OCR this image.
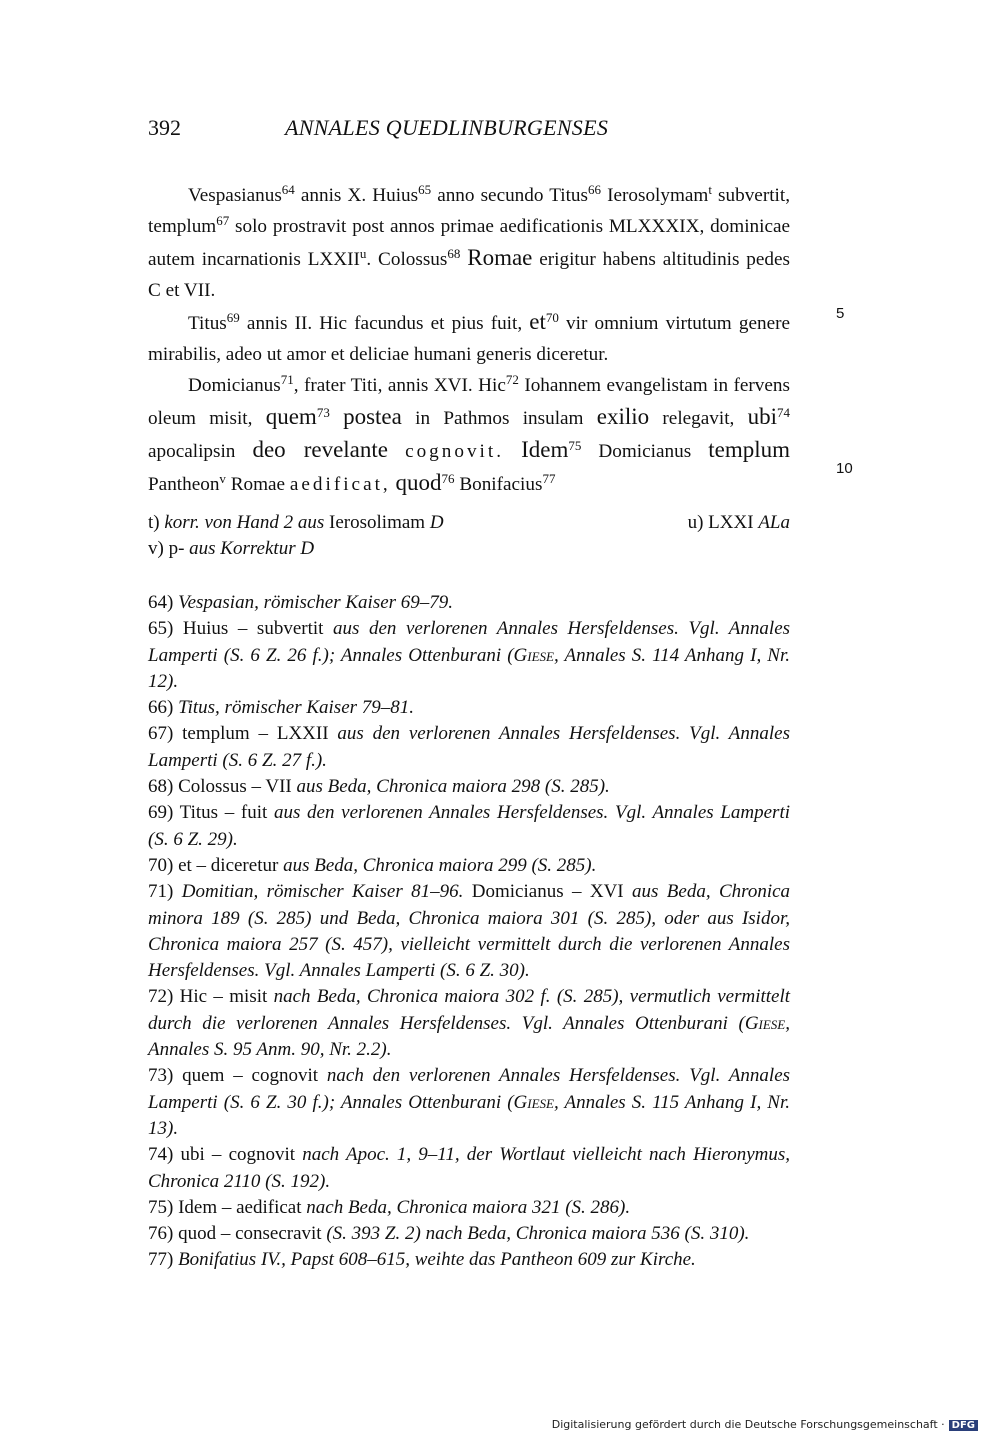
392	ANNALES QUEDLINBURGENSES

Vespasianus$^{64}$ annis X. Huius$^{65}$ anno secundo Titus$^{66}$ Ierosolymam$^t$ subvertit, templum$^{67}$ solo prostravit post annos primae aedificationis MLXXXIX, dominicae autem incarnationis LXXII$^u$. Colossus$^{68}$ Romae erigitur habens altitudinis pedes C et VII.

Titus$^{69}$ annis II. Hic facundus et pius fuit, $et^{70}$ vir omnium virtutum genere mirabilis, adeo ut amor et deliciae humani generis diceretur.

Domicianus$^{71}$, frater Titi, annis XVI. Hic$^{72}$ Iohannem evangelistam in fervens oleum misit, quem$^{73}$ postea in Pathmos insulam exilio relegavit, ubi$^{74}$ apocalipsin deo revelante cognovit. Idem$^{75}$ Domicianus templum Pantheon$^v$ Romae aedificat, quod$^{76}$ Bonifacius$^{77}$

5
10
t) korr. von Hand 2 aus Ierosolimam D	u) LXXI ALa
v) p- aus Korrektur D

64) Vespasian, römischer Kaiser 69–79.

65) Huius – subvertit aus den verlorenen Annales Hersfeldenses. Vgl. Annales Lamperti (S. 6 Z. 26 f.); Annales Ottenburani (Giese, Annales S. 114 Anhang I, Nr. 12).

66) Titus, römischer Kaiser 79–81.

67) templum – LXXII aus den verlorenen Annales Hersfeldenses. Vgl. Annales Lamperti (S. 6 Z. 27 f.).

68) Colossus – VII aus Beda, Chronica maiora 298 (S. 285).

69) Titus – fuit aus den verlorenen Annales Hersfeldenses. Vgl. Annales Lamperti (S. 6 Z. 29).

70) et – diceretur aus Beda, Chronica maiora 299 (S. 285).

71) Domitian, römischer Kaiser 81–96. Domicianus – XVI aus Beda, Chronica minora 189 (S. 285) und Beda, Chronica maiora 301 (S. 285), oder aus Isidor, Chronica maiora 257 (S. 457), vielleicht vermittelt durch die verlorenen Annales Hersfeldenses. Vgl. Annales Lamperti (S. 6 Z. 30).

72) Hic – misit nach Beda, Chronica maiora 302 f. (S. 285), vermutlich vermittelt durch die verlorenen Annales Hersfeldenses. Vgl. Annales Ottenburani (Giese, Annales S. 95 Anm. 90, Nr. 2.2).

73) quem – cognovit nach den verlorenen Annales Hersfeldenses. Vgl. Annales Lamperti (S. 6 Z. 30 f.); Annales Ottenburani (Giese, Annales S. 115 Anhang I, Nr. 13).

74) ubi – cognovit nach Apoc. 1, 9–11, der Wortlaut vielleicht nach Hieronymus, Chronica 2110 (S. 192).

75) Idem – aedificat nach Beda, Chronica maiora 321 (S. 286).

76) quod – consecravit (S. 393 Z. 2) nach Beda, Chronica maiora 536 (S. 310).

77) Bonifatius IV., Papst 608–615, weihte das Pantheon 609 zur Kirche.

Digitalisierung gefördert durch die Deutsche Forschungsgemeinschaft · DFG
